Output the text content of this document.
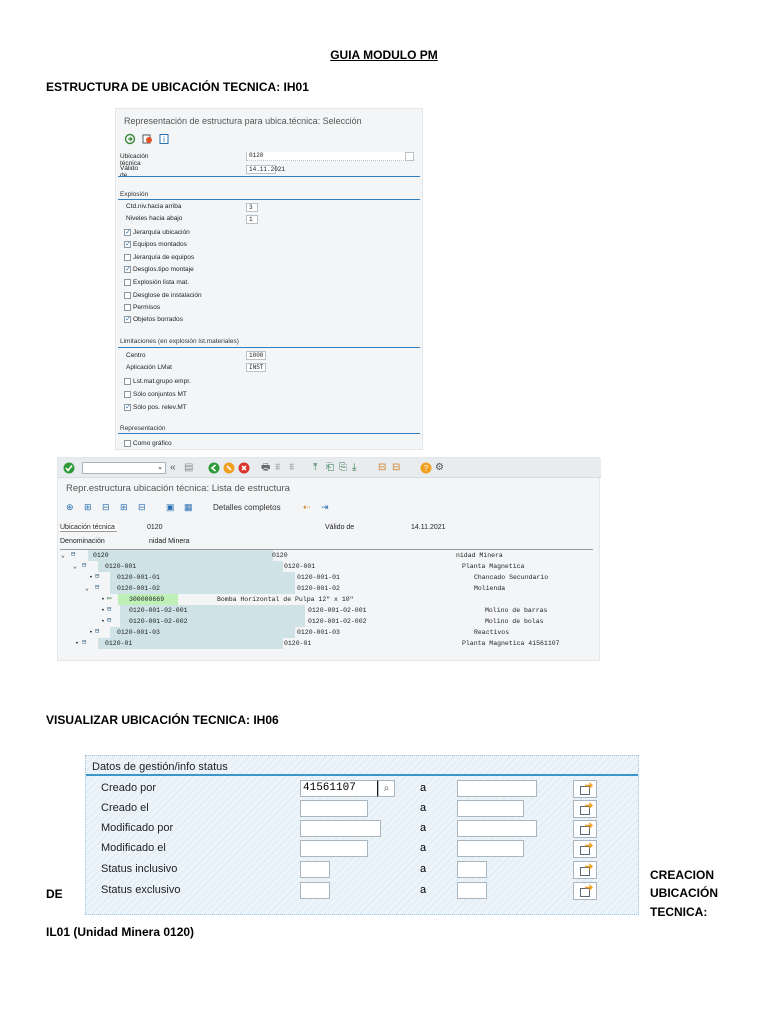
GUIA MODULO PM
ESTRUCTURA DE UBICACIÓN TECNICA: IH01
Representación de estructura para ubica.técnica: Selección
i
Ubicación técnica
0120
Válido	14.11.2021
Explosión
Ctd.niv.hacia arriba	3
Niveles hacia abajo	1
✓ Jerarquía ubicación
✓ Equipos montados
Jerarquía de equipos
✓ Desglos.tipo montaje
Explosión lista mat.
Desglose de instalación
Permisos
✓ Objetos borrados
Limitaciones (en explosión lst.materiales)
Centro	1000
Aplicación LMat	INST
Lst.mat.grupo empr.
Sólo conjuntos MT
✓ Sólo pos. relev.MT
Representación
Como gráfico
⌄ « ▤	🖶 ⩩ ⩩ ⤒ ⎗ ⎘ ⤓ ⊟ ⊟	? ⚙
Repr.estructura ubicación técnica: Lista de estructura
⊕ ⊞ ⊟ ⊞ ⊟ ▣ ▦	Detalles completos ⇠ ⇥
Ubicación técnica	0120	Válido de	14.11.2021
Denominación	nidad Minera
⌄ ⊟	0120	0120	nidad Minera
⌄ ⊟	0120-001	0120-001	Planta Magnetica
• ⊟	0120-001-01	0120-001-01	Chancado Secundario
⌄ ⊟	0120-001-02	0120-001-02	Molienda
• ▭	300000669	Bomba Horizontal de Pulpa 12" x 10"
• ⊟	0120-001-02-001	0120-001-02-001	Molino de barras
• ⊟	0120-001-02-002	0120-001-02-002	Molino de bolas
• ⊟	0120-001-03	0120-001-03	Reactivos
• ⊟	0120-01	0120-01	Planta Magnetica 41561107
VISUALIZAR UBICACIÓN TECNICA: IH06
Datos de gestión/info status
Creado por	41561107	⌕	a
Creado el	a
Modificado por	a
Modificado el	a
Status inclusivo	a
Status exclusivo	a
DE
CREACION
UBICACIÓN
TECNICA:
IL01 (Unidad Minera 0120)
